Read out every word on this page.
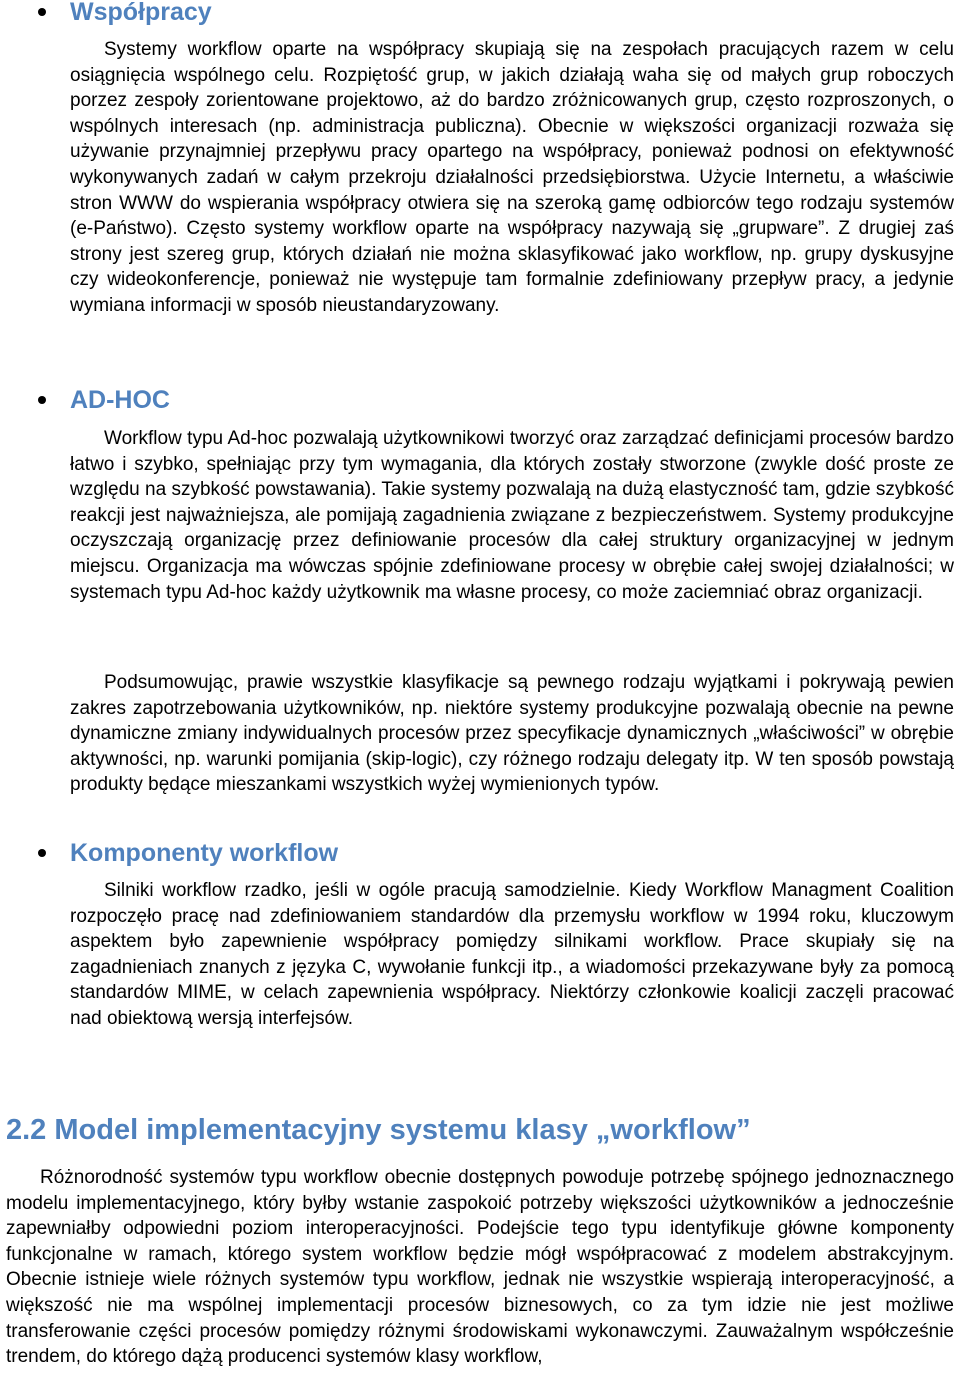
Współpracy

Systemy workflow oparte na współpracy skupiają się na zespołach pracujących razem w celu osiągnięcia wspólnego celu. Rozpiętość grup, w jakich działają waha się od małych grup roboczych porzez zespoły zorientowane projektowo, aż do bardzo zróżnicowanych grup, często rozproszonych, o wspólnych interesach (np. administracja publiczna). Obecnie w większości organizacji rozważa się używanie przynajmniej przepływu pracy opartego na współpracy, ponieważ podnosi on efektywność wykonywanych zadań w całym przekroju działalności przedsiębiorstwa. Użycie Internetu, a właściwie stron WWW do wspierania współpracy otwiera się na szeroką gamę odbiorców tego rodzaju systemów (e-Państwo). Często systemy workflow oparte na współpracy nazywają się „grupware”. Z drugiej zaś strony jest szereg grup, których działań nie można sklasyfikować jako workflow, np. grupy dyskusyjne czy wideokonferencje, ponieważ nie występuje tam formalnie zdefiniowany przepływ pracy, a jedynie wymiana informacji w sposób nieustandaryzowany.

AD-HOC

Workflow typu Ad-hoc pozwalają użytkownikowi tworzyć oraz zarządzać definicjami procesów bardzo łatwo i szybko, spełniając przy tym wymagania, dla których zostały stworzone (zwykle dość proste ze względu na szybkość powstawania). Takie systemy pozwalają na dużą elastyczność tam, gdzie szybkość reakcji jest najważniejsza, ale pomijają zagadnienia związane z bezpieczeństwem. Systemy produkcyjne oczyszczają organizację przez definiowanie procesów dla całej struktury organizacyjnej w jednym miejscu. Organizacja ma wówczas spójnie zdefiniowane procesy w obrębie całej swojej działalności; w systemach typu Ad-hoc każdy użytkownik ma własne procesy, co może zaciemniać obraz organizacji.

Podsumowując, prawie wszystkie klasyfikacje są pewnego rodzaju wyjątkami i pokrywają pewien zakres zapotrzebowania użytkowników, np. niektóre systemy produkcyjne pozwalają obecnie na pewne dynamiczne zmiany indywidualnych procesów przez specyfikacje dynamicznych „właściwości” w obrębie aktywności, np. warunki pomijania (skip-logic), czy różnego rodzaju delegaty itp. W ten sposób powstają produkty będące mieszankami wszystkich wyżej wymienionych typów.

Komponenty workflow

Silniki workflow rzadko, jeśli w ogóle pracują samodzielnie. Kiedy Workflow Managment Coalition rozpoczęło pracę nad zdefiniowaniem standardów dla przemysłu workflow w 1994 roku, kluczowym aspektem było zapewnienie współpracy pomiędzy silnikami workflow. Prace skupiały się na zagadnieniach znanych z języka C, wywołanie funkcji itp., a wiadomości przekazywane były za pomocą standardów MIME, w celach zapewnienia współpracy. Niektórzy członkowie koalicji zaczęli pracować nad obiektową wersją interfejsów.

2.2 Model implementacyjny systemu klasy „workflow”

Różnorodność systemów typu workflow obecnie dostępnych powoduje potrzebę spójnego jednoznacznego modelu implementacyjnego, który byłby wstanie zaspokoić potrzeby większości użytkowników a jednocześnie zapewniałby odpowiedni poziom interoperacyjności. Podejście tego typu identyfikuje główne komponenty funkcjonalne w ramach, którego system workflow będzie mógł współpracować z modelem abstrakcyjnym. Obecnie istnieje wiele różnych systemów typu workflow, jednak nie wszystkie wspierają interoperacyjność, a większość nie ma wspólnej implementacji procesów biznesowych, co za tym idzie nie jest możliwe transferowanie części procesów pomiędzy różnymi środowiskami wykonawczymi. Zauważalnym współcześnie trendem, do którego dążą producenci systemów klasy workflow,
